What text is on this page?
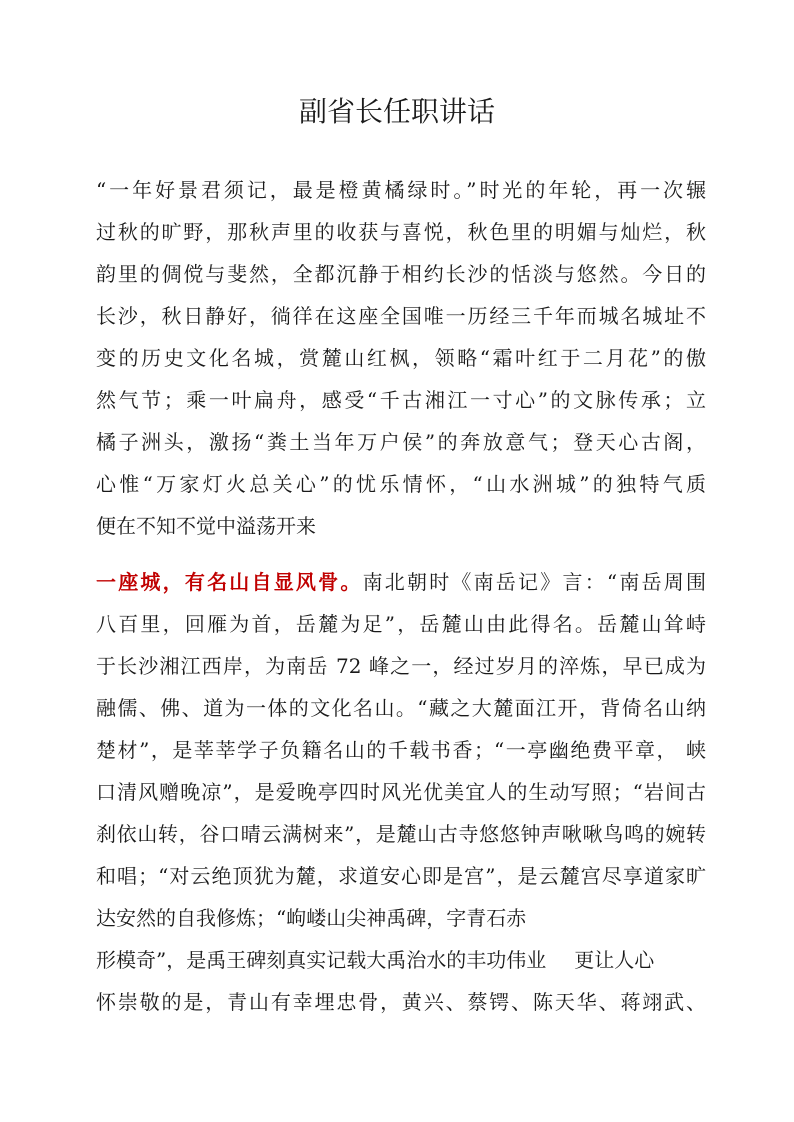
副省长任职讲话
“一年好景君须记，最是橙黄橘绿时。”时光的年轮，再一次辗
过秋的旷野，那秋声里的收获与喜悦，秋色里的明媚与灿烂，秋
韵里的倜傥与斐然，全都沉静于相约长沙的恬淡与悠然。今日的
长沙，秋日静好，徜徉在这座全国唯一历经三千年而城名城址不
变的历史文化名城，赏麓山红枫，领略“霜叶红于二月花”的傲
然气节；乘一叶扁舟，感受“千古湘江一寸心”的文脉传承；立
橘子洲头，激扬“粪土当年万户侯”的奔放意气；登天心古阁，
心惟“万家灯火总关心”的忧乐情怀，“山水洲城”的独特气质
便在不知不觉中溢荡开来
一座城，有名山自显风骨。南北朝时《南岳记》言：“南岳周围
八百里，回雁为首，岳麓为足”，岳麓山由此得名。岳麓山耸峙
于长沙湘江西岸，为南岳 72 峰之一，经过岁月的淬炼，早已成为
融儒、佛、道为一体的文化名山。“藏之大麓面江开，背倚名山纳
楚材”，是莘莘学子负籍名山的千载书香；“一亭幽绝费平章， 峡
口清风赠晚凉”，是爱晚亭四时风光优美宜人的生动写照；“岩间古
刹依山转，谷口晴云满树来”，是麓山古寺悠悠钟声啾啾鸟鸣的婉转
和唱；“对云绝顶犹为麓，求道安心即是宫”，是云麓宫尽享道家旷
达安然的自我修炼；“岣嵝山尖神禹碑，字青石赤
形模奇”，是禹王碑刻真实记载大禹治水的丰功伟业 更让人心
怀崇敬的是，青山有幸埋忠骨，黄兴、蔡锷、陈天华、蒋翊武、
